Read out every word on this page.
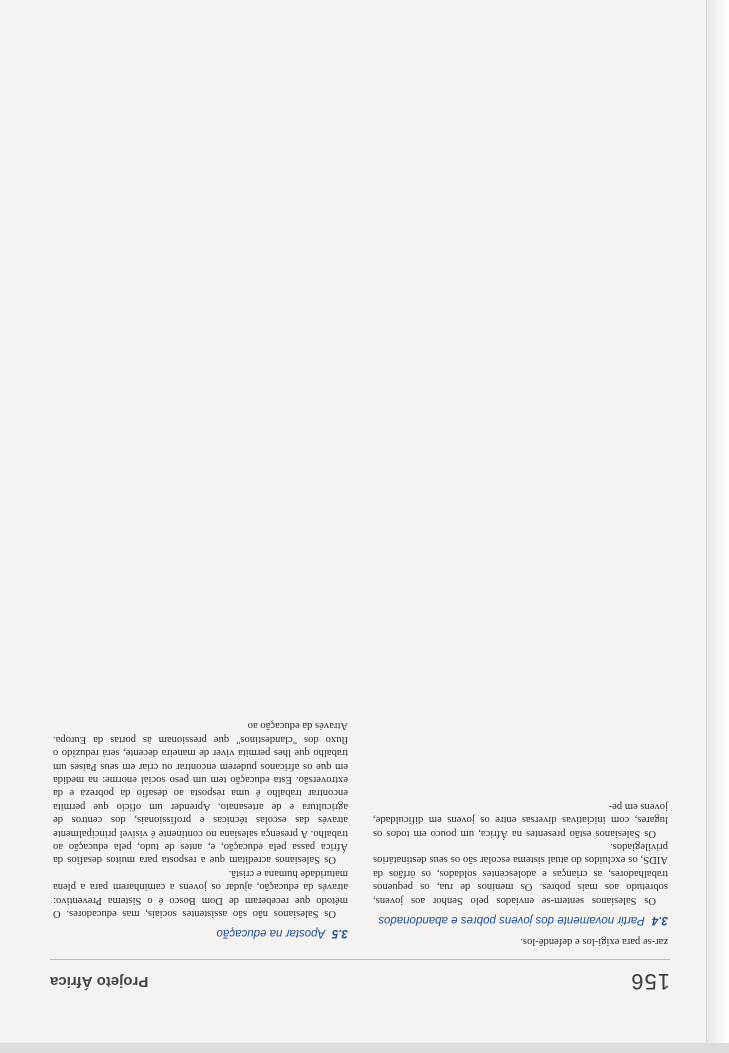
156
Projeto África

zar-se para exigi-los e defendê-los.

3.4 Partir novamente dos jovens pobres e abandonados

Os Salesianos sentem-se enviados pelo Senhor aos jovens, sobretudo aos mais pobres. Os meninos de rua, os pequenos trabalhadores, as crianças e adolescentes soldados, os órfãos da AIDS, os excluídos do atual sistema escolar são os seus destinatários privilegiados.

Os Salesianos estão presentes na África, um pouco em todos os lugares, com iniciativas diversas entre os jovens em dificuldade, jovens em pe-

3.5 Apostar na educação

Os Salesianos não são assistentes sociais, mas educadores. O método que receberam de Dom Bosco é o Sistema Preventivo: através da educação, ajudar os jovens a caminharem para a plena maturidade humana e cristã.

Os Salesianos acreditam que a resposta para muitos desafios da África passa pela educação, e, antes de tudo, pela educação ao trabalho. A presença salesiana no continente é visível principalmente através das escolas técnicas e profissionais, dos centros de agricultura e de artesanato. Aprender um ofício que permita encontrar trabalho é uma resposta ao desafio da pobreza e da extroversão. Esta educação tem um peso social enorme: na medida em que os africanos puderem encontrar ou criar em seus Países um trabalho que lhes permita viver de maneira decente, será reduzido o fluxo dos "clandestinos" que pressionam às portas da Europa. Através da educação ao
